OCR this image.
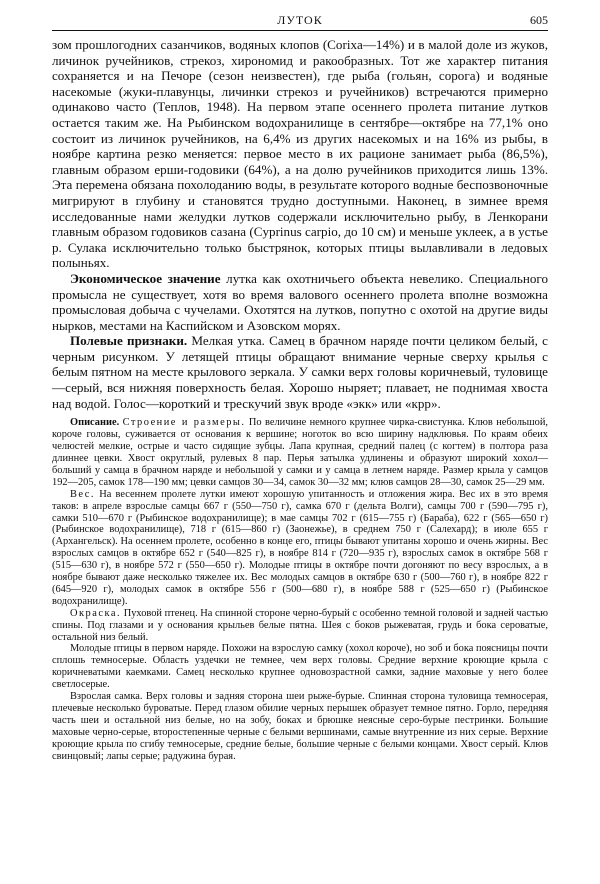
ЛУТОК	605

зом прошлогодних сазанчиков, водяных клопов (Corixa—14%) и в малой доле из жуков, личинок ручейников, стрекоз, хирономид и ракообразных. Тот же характер питания сохраняется и на Печоре (сезон неизвестен), где рыба (гольян, сорога) и водяные насекомые (жуки-плавунцы, личинки стрекоз и ручейников) встречаются примерно одинаково часто (Теплов, 1948). На первом этапе осеннего пролета питание лутков остается таким же. На Рыбинском водохранилище в сентябре—октябре на 77,1% оно состоит из личинок ручейников, на 6,4% из других насекомых и на 16% из рыбы, в ноябре картина резко меняется: первое место в их рационе занимает рыба (86,5%), главным образом ерши-годовики (64%), а на долю ручейников приходится лишь 13%. Эта перемена обязана похолоданию воды, в результате которого водные беспозвоночные мигрируют в глубину и становятся трудно доступными. Наконец, в зимнее время исследованные нами желудки лутков содержали исключительно рыбу, в Ленкорани главным образом годовиков сазана (Cyprinus carpio, до 10 см) и меньше уклеек, а в устье р. Сулака исключительно только быстрянок, которых птицы вылавливали в ледовых полыньях.

Экономическое значение лутка как охотничьего объекта невелико. Специального промысла не существует, хотя во время валового осеннего пролета вполне возможна промысловая добыча с чучелами. Охотятся на лутков, попутно с охотой на другие виды нырков, местами на Каспийском и Азовском морях.

Полевые признаки. Мелкая утка. Самец в брачном наряде почти целиком белый, с черным рисунком. У летящей птицы обращают внимание черные сверху крылья с белым пятном на месте крылового зеркала. У самки верх головы коричневый, туловище—серый, вся нижняя поверхность белая. Хорошо ныряет; плавает, не поднимая хвоста над водой. Голос—короткий и трескучий звук вроде «экк» или «крр».

Описание. Строение и размеры. По величине немного крупнее чирка-свистунка. Клюв небольшой, короче головы, суживается от основания к вершине; ноготок во всю ширину надклювья. По краям обеих челюстей мелкие, острые и часто сидящие зубцы. Лапа крупная, средний палец (с когтем) в полтора раза длиннее цевки. Хвост округлый, рулевых 8 пар. Перья затылка удлинены и образуют широкий хохол—больший у самца в брачном наряде и небольшой у самки и у самца в летнем наряде. Размер крыла у самцов 192—205, самок 178—190 мм; цевки самцов 30—34, самок 30—32 мм; клюв самцов 28—30, самок 25—29 мм.

Вес. На весеннем пролете лутки имеют хорошую упитанность и отложения жира. Вес их в это время таков: в апреле взрослые самцы 667 г (550—750 г), самка 670 г (дельта Волги), самцы 700 г (590—795 г), самки 510—670 г (Рыбинское водохранилище); в мае самцы 702 г (615—755 г) (Барабa), 622 г (565—650 г) (Рыбинское водохранилище), 718 г (615—860 г) (Заонежье), в среднем 750 г (Салехард); в июле 655 г (Архангельск). На осеннем пролете, особенно в конце его, птицы бывают упитаны хорошо и очень жирны. Вес взрослых самцов в октябре 652 г (540—825 г), в ноябре 814 г (720—935 г), взрослых самок в октябре 568 г (515—630 г), в ноябре 572 г (550—650 г). Молодые птицы в октябре почти догоняют по весу взрослых, а в ноябре бывают даже несколько тяжелее их. Вес молодых самцов в октябре 630 г (500—760 г), в ноябре 822 г (645—920 г), молодых самок в октябре 556 г (500—680 г), в ноябре 588 г (525—650 г) (Рыбинское водохранилище).

Окраска. Пуховой птенец. На спинной стороне черно-бурый с особенно темной головой и задней частью спины. Под глазами и у основания крыльев белые пятна. Шея с боков рыжеватая, грудь и бока сероватые, остальной низ белый.

Молодые птицы в первом наряде. Похожи на взрослую самку (хохол короче), но зоб и бока поясницы почти сплошь темносерые. Область уздечки не темнее, чем верх головы. Средние верхние кроющие крыла с коричневатыми каемками. Самец несколько крупнее одновозрастной самки, задние маховые у него более светлосерые.

Взрослая самка. Верх головы и задняя сторона шеи рыже-бурые. Спинная сторона туловища темносерая, плечевые несколько буроватые. Перед глазом обилие черных перышек образует темное пятно. Горло, передняя часть шеи и остальной низ белые, но на зобу, боках и брюшке неясные серо-бурые пестринки. Большие маховые черно-серые, второстепенные черные с белыми вершинами, самые внутренние из них серые. Верхние кроющие крыла по сгибу темносерые, средние белые, большие черные с белыми концами. Хвост серый. Клюв свинцовый; лапы серые; радужина бурая.
